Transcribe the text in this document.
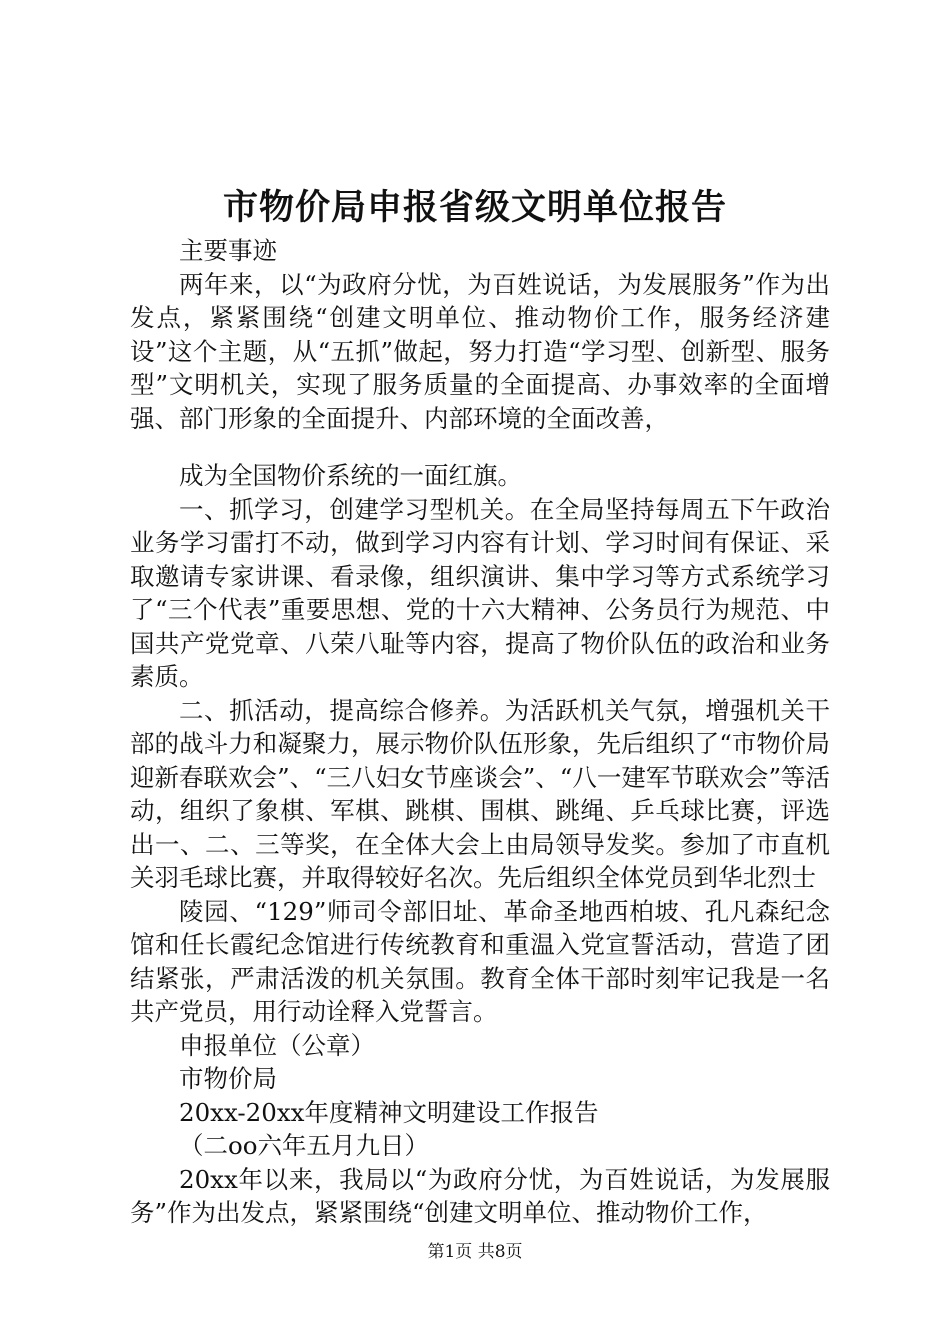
市物价局申报省级文明单位报告

主要事迹

两年来，以“为政府分忧，为百姓说话，为发展服务”作为出发点，紧紧围绕“创建文明单位、推动物价工作，服务经济建设”这个主题，从“五抓”做起，努力打造“学习型、创新型、服务型”文明机关，实现了服务质量的全面提高、办事效率的全面增强、部门形象的全面提升、内部环境的全面改善，

成为全国物价系统的一面红旗。

一、抓学习，创建学习型机关。在全局坚持每周五下午政治业务学习雷打不动，做到学习内容有计划、学习时间有保证、采取邀请专家讲课、看录像，组织演讲、集中学习等方式系统学习了“三个代表”重要思想、党的十六大精神、公务员行为规范、中国共产党党章、八荣八耻等内容，提高了物价队伍的政治和业务素质。

二、抓活动，提高综合修养。为活跃机关气氛，增强机关干部的战斗力和凝聚力，展示物价队伍形象，先后组织了“市物价局迎新春联欢会”、“三八妇女节座谈会”、“八一建军节联欢会”等活动，组织了象棋、军棋、跳棋、围棋、跳绳、乒乓球比赛，评选出一、二、三等奖，在全体大会上由局领导发奖。参加了市直机关羽毛球比赛，并取得较好名次。先后组织全体党员到华北烈士

陵园、“129”师司令部旧址、革命圣地西柏坡、孔凡森纪念馆和任长霞纪念馆进行传统教育和重温入党宣誓活动，营造了团结紧张，严肃活泼的机关氛围。教育全体干部时刻牢记我是一名共产党员，用行动诠释入党誓言。

申报单位（公章）

市物价局

20xx-20xx年度精神文明建设工作报告

（二oo六年五月九日）

20xx年以来，我局以“为政府分忧，为百姓说话，为发展服务”作为出发点，紧紧围绕“创建文明单位、推动物价工作，

第1页 共8页
